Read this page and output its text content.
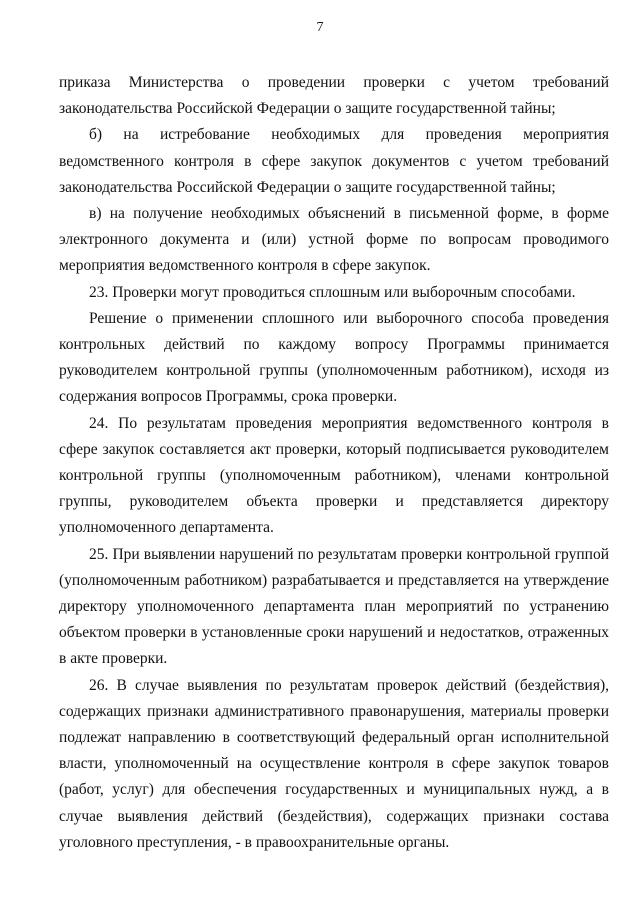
7

приказа Министерства о проведении проверки с учетом требований законодательства Российской Федерации о защите государственной тайны;

б) на истребование необходимых для проведения мероприятия ведомственного контроля в сфере закупок документов с учетом требований законодательства Российской Федерации о защите государственной тайны;

в) на получение необходимых объяснений в письменной форме, в форме электронного документа и (или) устной форме по вопросам проводимого мероприятия ведомственного контроля в сфере закупок.

23. Проверки могут проводиться сплошным или выборочным способами.

Решение о применении сплошного или выборочного способа проведения контрольных действий по каждому вопросу Программы принимается руководителем контрольной группы (уполномоченным работником), исходя из содержания вопросов Программы, срока проверки.

24. По результатам проведения мероприятия ведомственного контроля в сфере закупок составляется акт проверки, который подписывается руководителем контрольной группы (уполномоченным работником), членами контрольной группы, руководителем объекта проверки и представляется директору уполномоченного департамента.

25. При выявлении нарушений по результатам проверки контрольной группой (уполномоченным работником) разрабатывается и представляется на утверждение директору уполномоченного департамента план мероприятий по устранению объектом проверки в установленные сроки нарушений и недостатков, отраженных в акте проверки.

26. В случае выявления по результатам проверок действий (бездействия), содержащих признаки административного правонарушения, материалы проверки подлежат направлению в соответствующий федеральный орган исполнительной власти, уполномоченный на осуществление контроля в сфере закупок товаров (работ, услуг) для обеспечения государственных и муниципальных нужд, а в случае выявления действий (бездействия), содержащих признаки состава уголовного преступления, - в правоохранительные органы.
